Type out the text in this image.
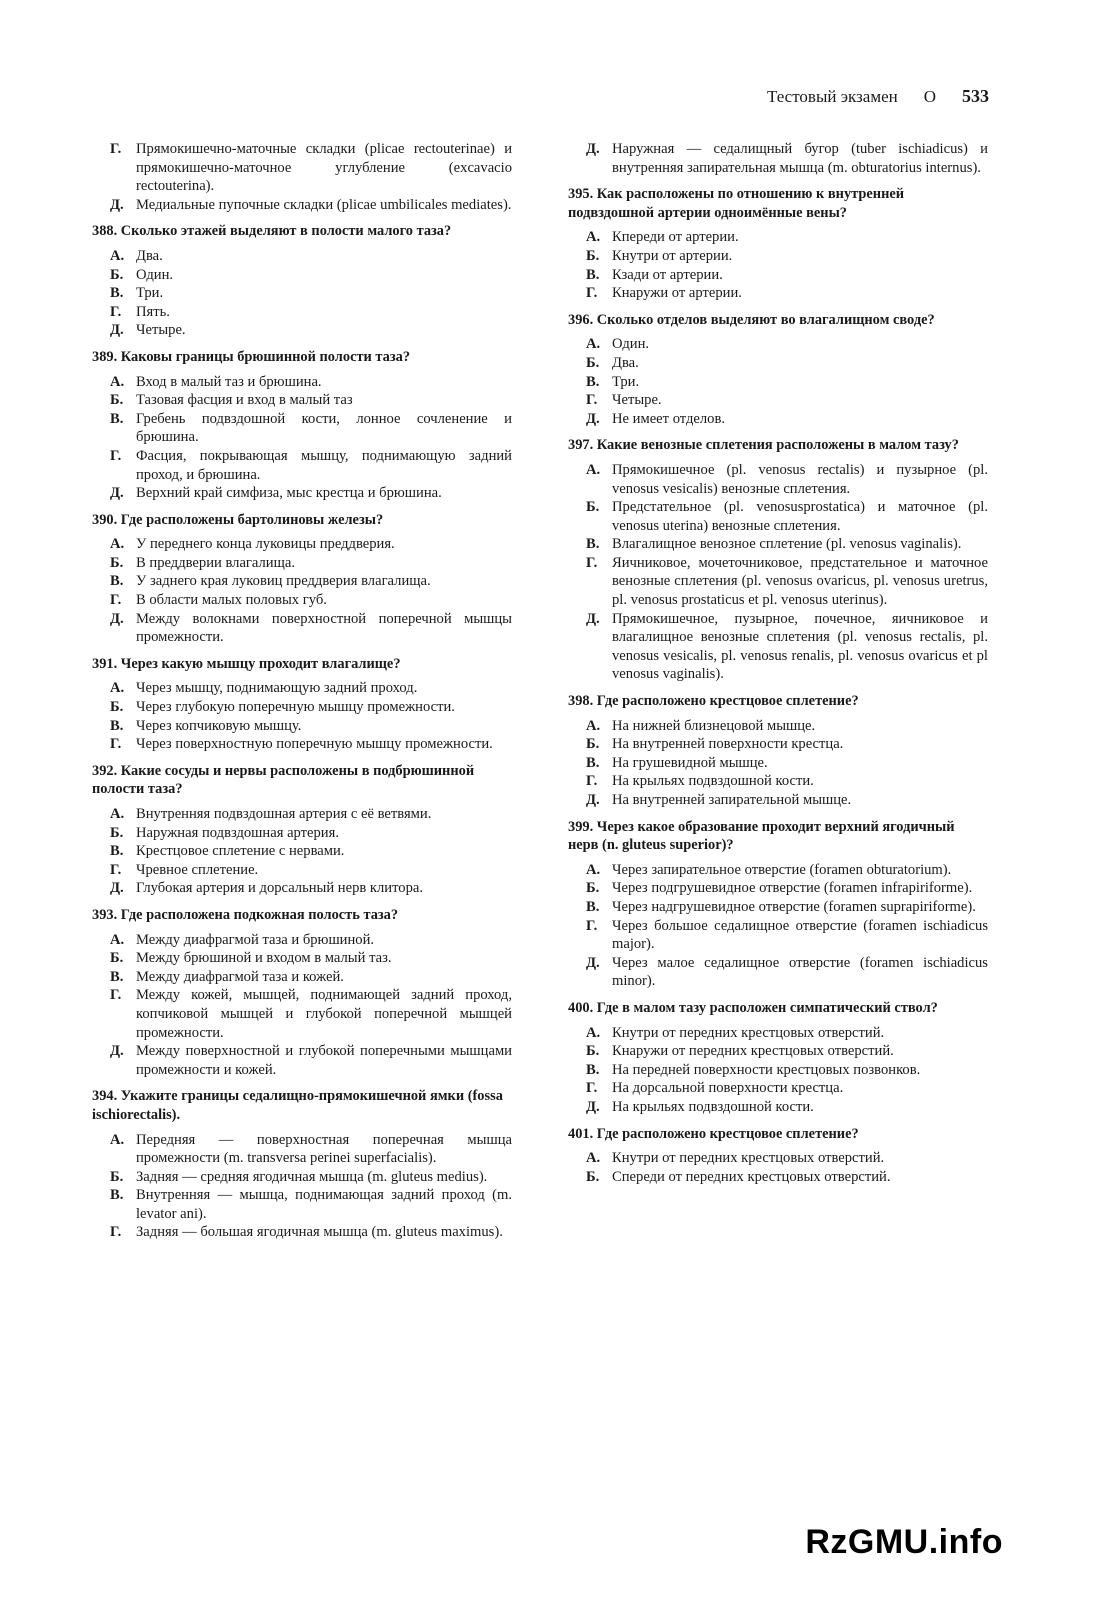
Тестовый экзамен O 533
Г.	Прямокишечно-маточные складки (plicae rectouterinae) и прямокишечно-маточное углубление (excavacio rectouterina).
Д. Медиальные пупочные складки (plicae umbilicales mediates).
388. Сколько этажей выделяют в полости малого таза?
А. Два.
Б. Один.
В. Три.
Г.	Пять.
Д. Четыре.
389. Каковы границы брюшинной полости таза?
А. Вход в малый таз и брюшина.
Б. Тазовая фасция и вход в малый таз
В. Гребень подвздошной кости, лонное сочленение и брюшина.
Г.	Фасция, покрывающая мышцу, поднимающую задний проход, и брюшина.
Д. Верхний край симфиза, мыс крестца и брюшина.
390. Где расположены бартолиновы железы?
А. У переднего конца луковицы преддверия.
Б. В преддверии влагалища.
В. У заднего края луковиц преддверия влагалища.
Г.	В области малых половых губ.
Д. Между волокнами поверхностной поперечной мышцы промежности.
391. Через какую мышцу проходит влагалище?
А. Через мышцу, поднимающую задний проход.
Б. Через глубокую поперечную мышцу промежности.
В. Через копчиковую мышцу.
Г.	Через поверхностную поперечную мышцу промежности.
392. Какие сосуды и нервы расположены в подбрюшинной полости таза?
А. Внутренняя подвздошная артерия с её ветвями.
Б. Наружная подвздошная артерия.
В. Крестцовое сплетение с нервами.
Г.	Чревное сплетение.
Д. Глубокая артерия и дорсальный нерв клитора.
393. Где расположена подкожная полость таза?
А. Между диафрагмой таза и брюшиной.
Б. Между брюшиной и входом в малый таз.
В. Между диафрагмой таза и кожей.
Г.	Между кожей, мышцей, поднимающей задний проход, копчиковой мышцей и глубокой поперечной мышцей промежности.
Д. Между поверхностной и глубокой поперечными мышцами промежности и кожей.
394. Укажите границы седалищно-прямокишечной ямки (fossa ischiorectalis).
А. Передняя — поверхностная поперечная мышца промежности (m. transversa perinei superfacialis).
Б. Задняя — средняя ягодичная мышца (m. gluteus medius).
В. Внутренняя — мышца, поднимающая задний проход (m. levator ani).
Г.	Задняя — большая ягодичная мышца (m. gluteus maximus).
Д. Наружная — седалищный бугор (tuber ischiadicus) и внутренняя запирательная мышца (m. obturatorius internus).
395. Как расположены по отношению к внутренней подвздошной артерии одноимённые вены?
А. Кпереди от артерии.
Б. Кнутри от артерии.
В. Кзади от артерии.
Г.	Кнаружи от артерии.
396. Сколько отделов выделяют во влагалищном своде?
А. Один.
Б. Два.
В. Три.
Г.	Четыре.
Д. Не имеет отделов.
397. Какие венозные сплетения расположены в малом тазу?
А. Прямокишечное (pl. venosus rectalis) и пузырное (pl. venosus vesicalis) венозные сплетения.
Б. Предстательное (pl. venosusprostatica) и маточное (pl. venosus uterina) венозные сплетения.
В. Влагалищное венозное сплетение (pl. venosus vaginalis).
Г.	Яичниковое, мочеточниковое, предстательное и маточное венозные сплетения (pl. venosus ovaricus, pl. venosus uretrus, pl. venosus prostaticus et pl. venosus uterinus).
Д. Прямокишечное, пузырное, почечное, яичниковое и влагалищное венозные сплетения (pl. venosus rectalis, pl. venosus vesicalis, pl. venosus renalis, pl. venosus ovaricus et pl venosus vaginalis).
398. Где расположено крестцовое сплетение?
А. На нижней близнецовой мышце.
Б. На внутренней поверхности крестца.
В. На грушевидной мышце.
Г.	На крыльях подвздошной кости.
Д. На внутренней запирательной мышце.
399. Через какое образование проходит верхний ягодичный нерв (n. gluteus superior)?
А. Через запирательное отверстие (foramen obturatorium).
Б. Через подгрушевидное отверстие (foramen infrapiriforme).
В. Через надгрушевидное отверстие (foramen suprapiriforme).
Г.	Через большое седалищное отверстие (foramen ischiadicus major).
Д. Через малое седалищное отверстие (foramen ischiadicus minor).
400. Где в малом тазу расположен симпатический ствол?
А. Кнутри от передних крестцовых отверстий.
Б. Кнаружи от передних крестцовых отверстий.
В. На передней поверхности крестцовых позвонков.
Г.	На дорсальной поверхности крестца.
Д. На крыльях подвздошной кости.
401. Где расположено крестцовое сплетение?
А. Кнутри от передних крестцовых отверстий.
Б. Спереди от передних крестцовых отверстий.
RzGMU.info
